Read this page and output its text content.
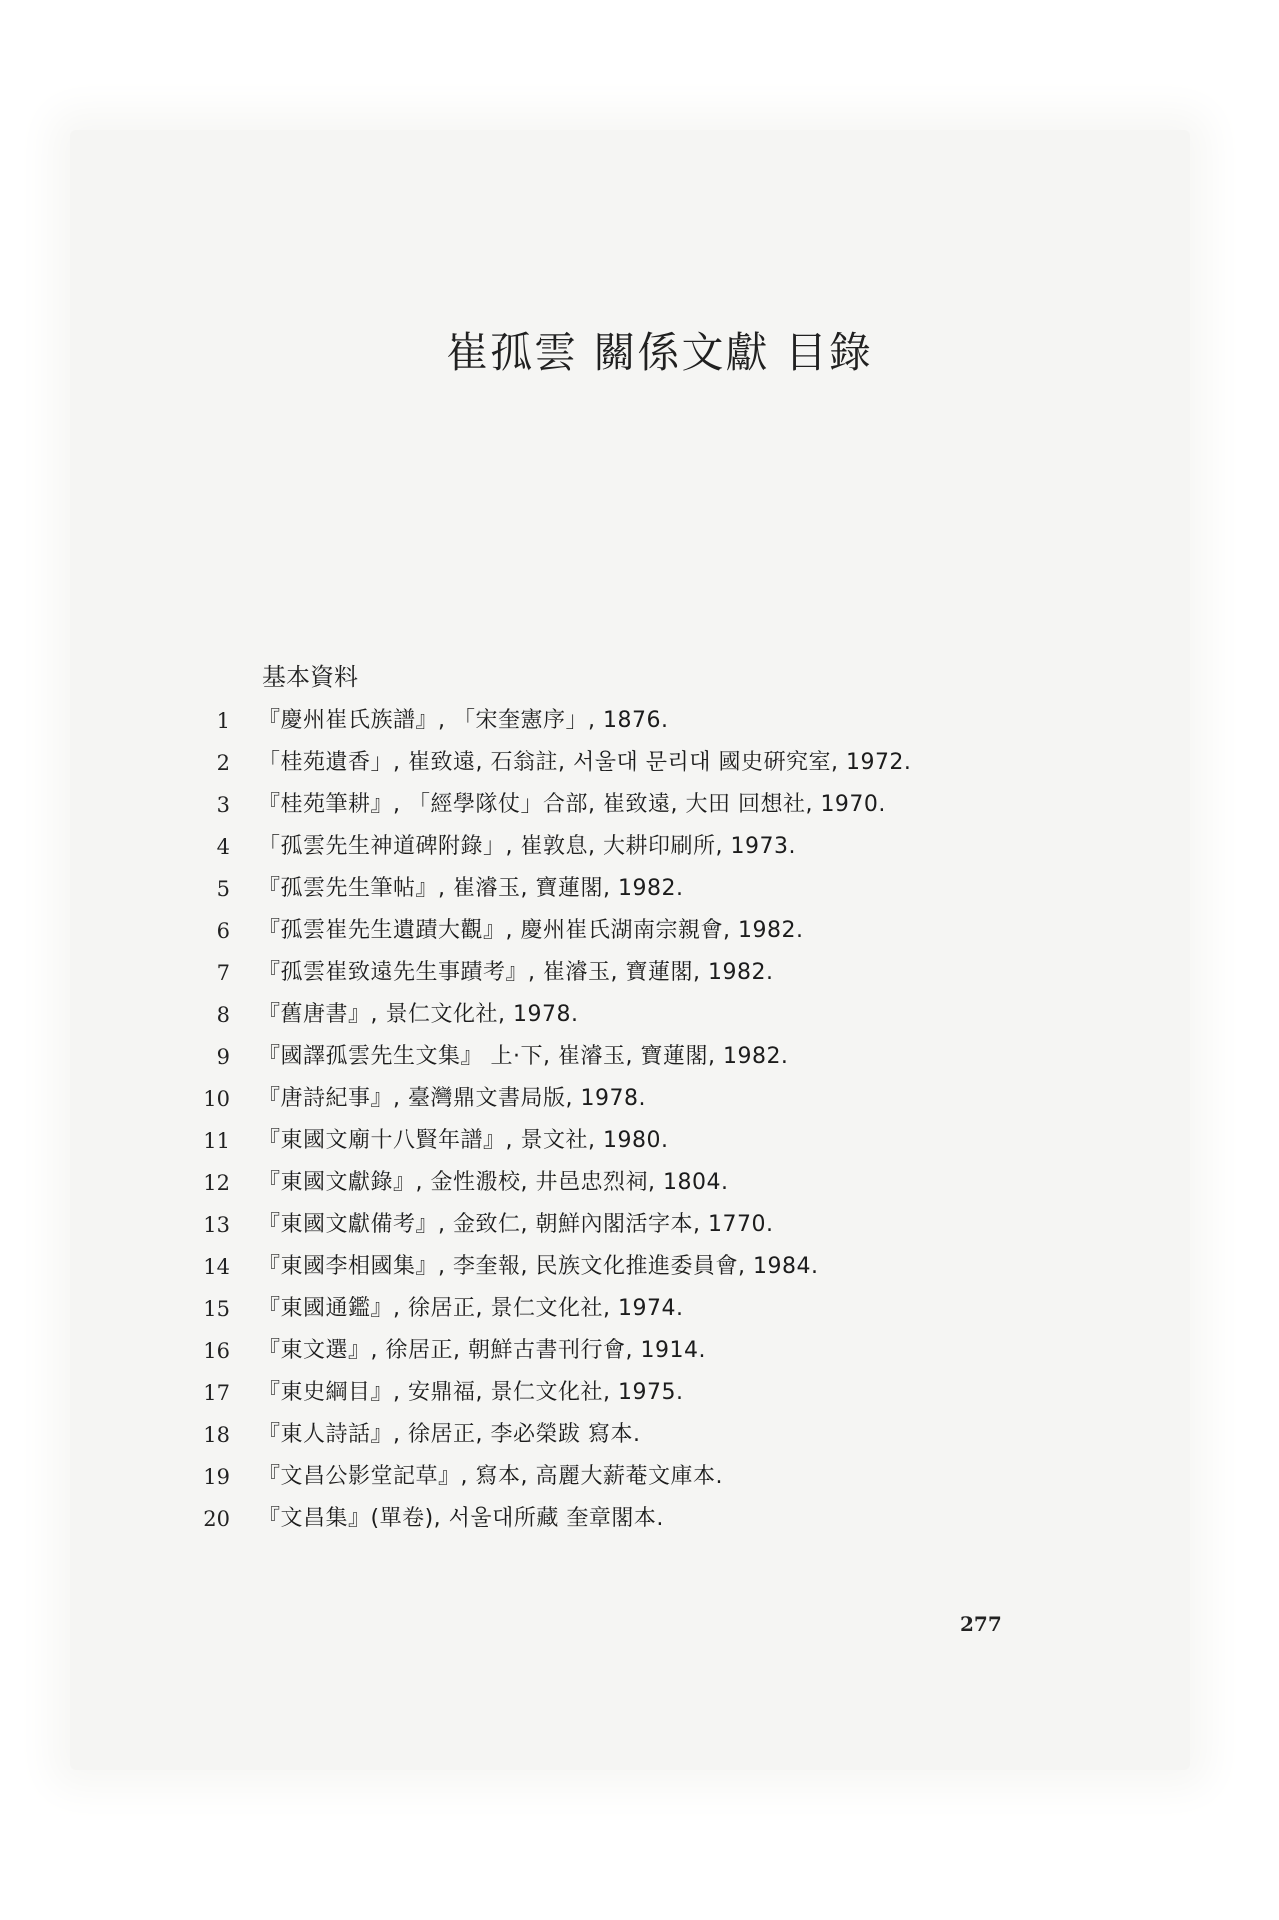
崔孤雲 關係文獻 目錄
基本資料
1 『慶州崔氏族譜』, 「宋奎憲序」, 1876.
2 「桂苑遺香」, 崔致遠, 石翁註, 서울대 문리대 國史硏究室, 1972.
3 『桂苑筆耕』, 「經學隊仗」合部, 崔致遠, 大田 回想社, 1970.
4 「孤雲先生神道碑附錄」, 崔敦息, 大耕印刷所, 1973.
5 『孤雲先生筆帖』, 崔濬玉, 寶蓮閣, 1982.
6 『孤雲崔先生遺蹟大觀』, 慶州崔氏湖南宗親會, 1982.
7 『孤雲崔致遠先生事蹟考』, 崔濬玉, 寶蓮閣, 1982.
8 『舊唐書』, 景仁文化社, 1978.
9 『國譯孤雲先生文集』 上·下, 崔濬玉, 寶蓮閣, 1982.
10 『唐詩紀事』, 臺灣鼎文書局版, 1978.
11 『東國文廟十八賢年譜』, 景文社, 1980.
12 『東國文獻錄』, 金性溵校, 井邑忠烈祠, 1804.
13 『東國文獻備考』, 金致仁, 朝鮮內閣活字本, 1770.
14 『東國李相國集』, 李奎報, 民族文化推進委員會, 1984.
15 『東國通鑑』, 徐居正, 景仁文化社, 1974.
16 『東文選』, 徐居正, 朝鮮古書刊行會, 1914.
17 『東史綱目』, 安鼎福, 景仁文化社, 1975.
18 『東人詩話』, 徐居正, 李必榮跋 寫本.
19 『文昌公影堂記草』, 寫本, 高麗大薪菴文庫本.
20 『文昌集』(單卷), 서울대所藏 奎章閣本.
277
